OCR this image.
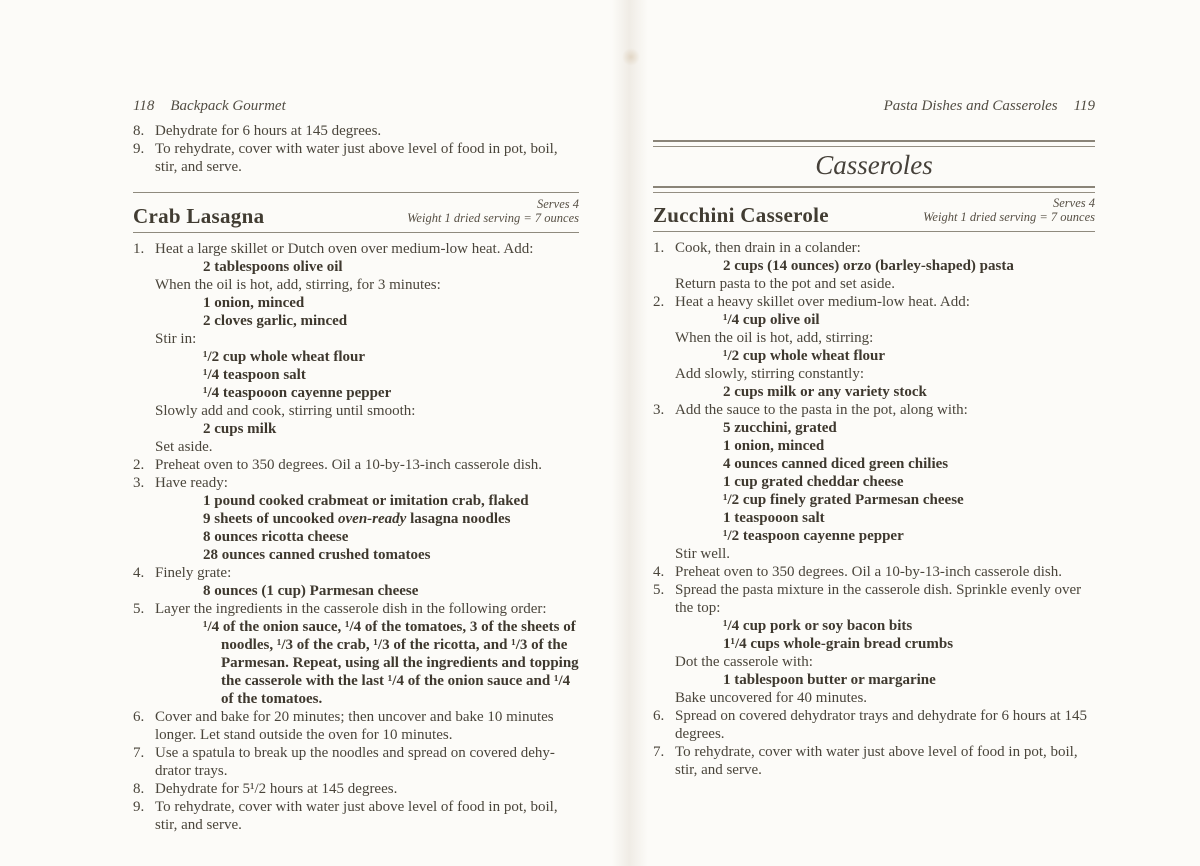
118 Backpack Gourmet
8. Dehydrate for 6 hours at 145 degrees.
9. To rehydrate, cover with water just above level of food in pot, boil, stir, and serve.
Crab Lasagna	Serves 4
Weight 1 dried serving = 7 ounces
1. Heat a large skillet or Dutch oven over medium-low heat. Add:
2 tablespoons olive oil
When the oil is hot, add, stirring, for 3 minutes:
1 onion, minced
2 cloves garlic, minced
Stir in:
¹/2 cup whole wheat flour
¹/4 teaspoon salt
¹/4 teaspooon cayenne pepper
Slowly add and cook, stirring until smooth:
2 cups milk
Set aside.
2. Preheat oven to 350 degrees. Oil a 10-by-13-inch casserole dish.
3. Have ready:
1 pound cooked crabmeat or imitation crab, flaked
9 sheets of uncooked oven-ready lasagna noodles
8 ounces ricotta cheese
28 ounces canned crushed tomatoes
4. Finely grate:
8 ounces (1 cup) Parmesan cheese
5. Layer the ingredients in the casserole dish in the following order:
¹/4 of the onion sauce, ¹/4 of the tomatoes, 3 of the sheets of noodles, ¹/3 of the crab, ¹/3 of the ricotta, and ¹/3 of the Parmesan. Repeat, using all the ingredients and topping the casserole with the last ¹/4 of the onion sauce and ¹/4 of the tomatoes.
6. Cover and bake for 20 minutes; then uncover and bake 10 minutes longer. Let stand outside the oven for 10 minutes.
7. Use a spatula to break up the noodles and spread on covered dehydrator trays.
8. Dehydrate for 5¹/2 hours at 145 degrees.
9. To rehydrate, cover with water just above level of food in pot, boil, stir, and serve.
Pasta Dishes and Casseroles 119
Casseroles
Zucchini Casserole	Serves 4
Weight 1 dried serving = 7 ounces
1. Cook, then drain in a colander:
2 cups (14 ounces) orzo (barley-shaped) pasta
Return pasta to the pot and set aside.
2. Heat a heavy skillet over medium-low heat. Add:
¹/4 cup olive oil
When the oil is hot, add, stirring:
¹/2 cup whole wheat flour
Add slowly, stirring constantly:
2 cups milk or any variety stock
3. Add the sauce to the pasta in the pot, along with:
5 zucchini, grated
1 onion, minced
4 ounces canned diced green chilies
1 cup grated cheddar cheese
¹/2 cup finely grated Parmesan cheese
1 teaspooon salt
¹/2 teaspoon cayenne pepper
Stir well.
4. Preheat oven to 350 degrees. Oil a 10-by-13-inch casserole dish.
5. Spread the pasta mixture in the casserole dish. Sprinkle evenly over the top:
¹/4 cup pork or soy bacon bits
1¹/4 cups whole-grain bread crumbs
Dot the casserole with:
1 tablespoon butter or margarine
Bake uncovered for 40 minutes.
6. Spread on covered dehydrator trays and dehydrate for 6 hours at 145 degrees.
7. To rehydrate, cover with water just above level of food in pot, boil, stir, and serve.
